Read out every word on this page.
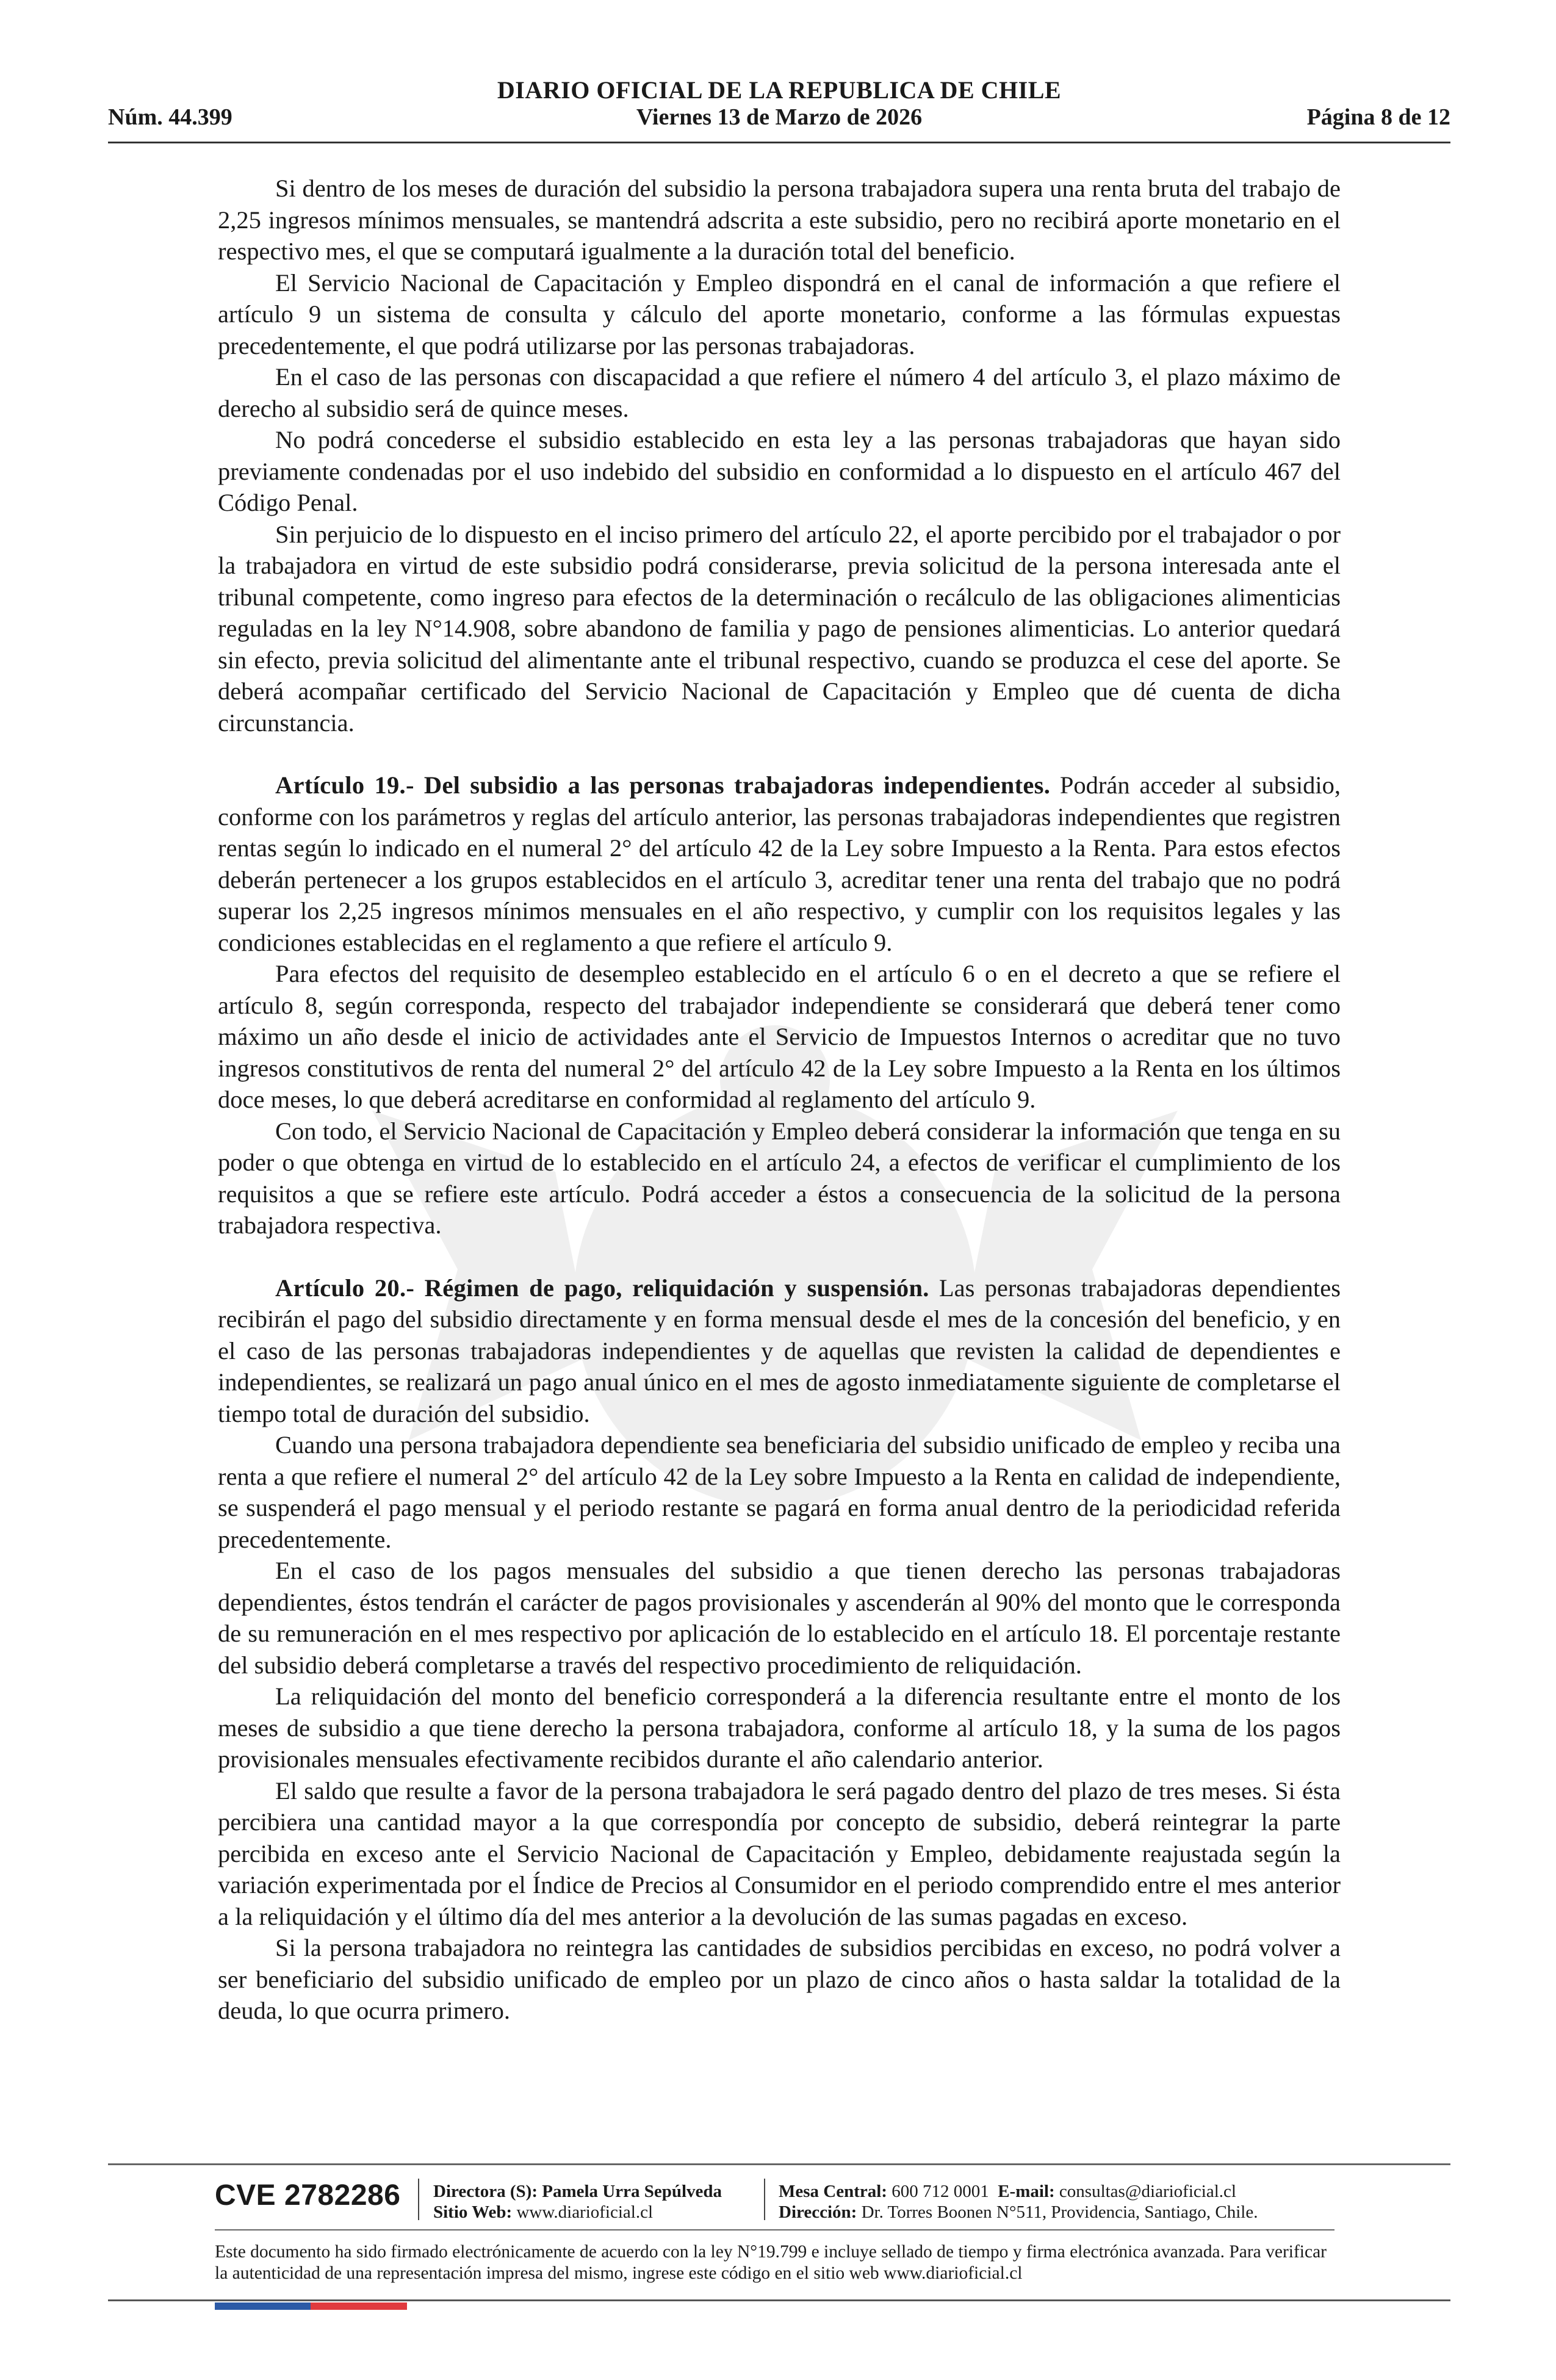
DIARIO OFICIAL DE LA REPUBLICA DE CHILE
Núm. 44.399	Viernes 13 de Marzo de 2026	Página 8 de 12

Si dentro de los meses de duración del subsidio la persona trabajadora supera una renta bruta del trabajo de 2,25 ingresos mínimos mensuales, se mantendrá adscrita a este subsidio, pero no recibirá aporte monetario en el respectivo mes, el que se computará igualmente a la duración total del beneficio.

El Servicio Nacional de Capacitación y Empleo dispondrá en el canal de información a que refiere el artículo 9 un sistema de consulta y cálculo del aporte monetario, conforme a las fórmulas expuestas precedentemente, el que podrá utilizarse por las personas trabajadoras.

En el caso de las personas con discapacidad a que refiere el número 4 del artículo 3, el plazo máximo de derecho al subsidio será de quince meses.

No podrá concederse el subsidio establecido en esta ley a las personas trabajadoras que hayan sido previamente condenadas por el uso indebido del subsidio en conformidad a lo dispuesto en el artículo 467 del Código Penal.

Sin perjuicio de lo dispuesto en el inciso primero del artículo 22, el aporte percibido por el trabajador o por la trabajadora en virtud de este subsidio podrá considerarse, previa solicitud de la persona interesada ante el tribunal competente, como ingreso para efectos de la determinación o recálculo de las obligaciones alimenticias reguladas en la ley N°14.908, sobre abandono de familia y pago de pensiones alimenticias. Lo anterior quedará sin efecto, previa solicitud del alimentante ante el tribunal respectivo, cuando se produzca el cese del aporte. Se deberá acompañar certificado del Servicio Nacional de Capacitación y Empleo que dé cuenta de dicha circunstancia.

Artículo 19.- Del subsidio a las personas trabajadoras independientes. Podrán acceder al subsidio, conforme con los parámetros y reglas del artículo anterior, las personas trabajadoras independientes que registren rentas según lo indicado en el numeral 2° del artículo 42 de la Ley sobre Impuesto a la Renta. Para estos efectos deberán pertenecer a los grupos establecidos en el artículo 3, acreditar tener una renta del trabajo que no podrá superar los 2,25 ingresos mínimos mensuales en el año respectivo, y cumplir con los requisitos legales y las condiciones establecidas en el reglamento a que refiere el artículo 9.

Para efectos del requisito de desempleo establecido en el artículo 6 o en el decreto a que se refiere el artículo 8, según corresponda, respecto del trabajador independiente se considerará que deberá tener como máximo un año desde el inicio de actividades ante el Servicio de Impuestos Internos o acreditar que no tuvo ingresos constitutivos de renta del numeral 2° del artículo 42 de la Ley sobre Impuesto a la Renta en los últimos doce meses, lo que deberá acreditarse en conformidad al reglamento del artículo 9.

Con todo, el Servicio Nacional de Capacitación y Empleo deberá considerar la información que tenga en su poder o que obtenga en virtud de lo establecido en el artículo 24, a efectos de verificar el cumplimiento de los requisitos a que se refiere este artículo. Podrá acceder a éstos a consecuencia de la solicitud de la persona trabajadora respectiva.

Artículo 20.- Régimen de pago, reliquidación y suspensión. Las personas trabajadoras dependientes recibirán el pago del subsidio directamente y en forma mensual desde el mes de la concesión del beneficio, y en el caso de las personas trabajadoras independientes y de aquellas que revisten la calidad de dependientes e independientes, se realizará un pago anual único en el mes de agosto inmediatamente siguiente de completarse el tiempo total de duración del subsidio.

Cuando una persona trabajadora dependiente sea beneficiaria del subsidio unificado de empleo y reciba una renta a que refiere el numeral 2° del artículo 42 de la Ley sobre Impuesto a la Renta en calidad de independiente, se suspenderá el pago mensual y el periodo restante se pagará en forma anual dentro de la periodicidad referida precedentemente.

En el caso de los pagos mensuales del subsidio a que tienen derecho las personas trabajadoras dependientes, éstos tendrán el carácter de pagos provisionales y ascenderán al 90% del monto que le corresponda de su remuneración en el mes respectivo por aplicación de lo establecido en el artículo 18. El porcentaje restante del subsidio deberá completarse a través del respectivo procedimiento de reliquidación.

La reliquidación del monto del beneficio corresponderá a la diferencia resultante entre el monto de los meses de subsidio a que tiene derecho la persona trabajadora, conforme al artículo 18, y la suma de los pagos provisionales mensuales efectivamente recibidos durante el año calendario anterior.

El saldo que resulte a favor de la persona trabajadora le será pagado dentro del plazo de tres meses. Si ésta percibiera una cantidad mayor a la que correspondía por concepto de subsidio, deberá reintegrar la parte percibida en exceso ante el Servicio Nacional de Capacitación y Empleo, debidamente reajustada según la variación experimentada por el Índice de Precios al Consumidor en el periodo comprendido entre el mes anterior a la reliquidación y el último día del mes anterior a la devolución de las sumas pagadas en exceso.

Si la persona trabajadora no reintegra las cantidades de subsidios percibidas en exceso, no podrá volver a ser beneficiario del subsidio unificado de empleo por un plazo de cinco años o hasta saldar la totalidad de la deuda, lo que ocurra primero.

CVE 2782286 Directora (S): Pamela Urra Sepúlveda
Sitio Web: www.diarioficial.cl
Mesa Central: 600 712 0001 E-mail: consultas@diarioficial.cl
Dirección: Dr. Torres Boonen N°511, Providencia, Santiago, Chile.
Este documento ha sido firmado electrónicamente de acuerdo con la ley N°19.799 e incluye sellado de tiempo y firma electrónica avanzada. Para verificar la autenticidad de una representación impresa del mismo, ingrese este código en el sitio web www.diarioficial.cl
